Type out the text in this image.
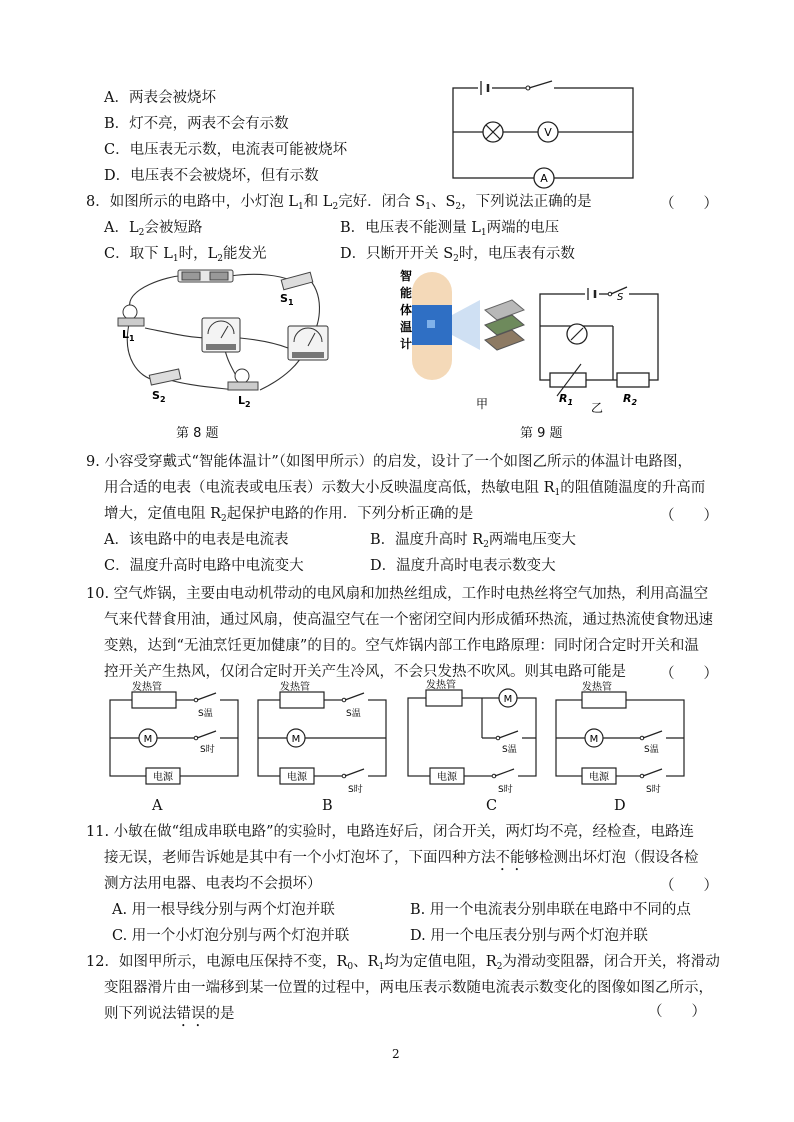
A．两表会被烧坏
B．灯不亮，两表不会有示数
C．电压表无示数，电流表可能被烧坏
D．电压表不会被烧坏，但有示数
V
A
8．如图所示的电路中，小灯泡 $L_1$和 $L_2$完好．闭合 $S_1$、$S_2$，下列说法正确的是	（　　）
A．$L_2$会被短路	B．电压表不能测量 $L_1$两端的电压
C．取下 $L_1$时，$L_2$能发光	D．只断开开关 $S_2$时，电压表有示数
$S_1$
$L_1$
$S_2$	$L_2$
第 8 题
智
能
体
温
计
甲
S
$R_1$	$R_2$
乙
第 9 题
9. 小容受穿戴式“智能体温计”（如图甲所示）的启发，设计了一个如图乙所示的体温计电路图，
用合适的电表（电流表或电压表）示数大小反映温度高低，热敏电阻 $R_1$的阻值随温度的升高而
增大，定值电阻 $R_2$起保护电路的作用．下列分析正确的是	（　　）
A．该电路中的电表是电流表	B．温度升高时 $R_2$两端电压变大
C．温度升高时电路中电流变大	D．温度升高时电表示数变大
10. 空气炸锅，主要由电动机带动的电风扇和加热丝组成，工作时电热丝将空气加热，利用高温空
气来代替食用油，通过风扇，使高温空气在一个密闭空间内形成循环热流，通过热流使食物迅速
变熟，达到“无油烹饪更加健康”的目的。空气炸锅内部工作电路原理：同时闭合定时开关和温
控开关产生热风，仅闭合定时开关产生冷风，不会只发热不吹风。则其电路可能是 （　　）
发热管
S温
M
S时
电源
A
发热管
S温
M
电源
S时
B
发热管
M
S温
电源
S时
C
发热管
M
S温
电源
S时
D
11. 小敏在做“组成串联电路”的实验时，电路连好后，闭合开关，两灯均不亮，经检查，电路连
接无误，老师告诉她是其中有一个小灯泡坏了，下面四种方法不能够检测出坏灯泡（假设各检
测方法用电器、电表均不会损坏）	（　　）
A. 用一根导线分别与两个灯泡并联	B. 用一个电流表分别串联在电路中不同的点
C. 用一个小灯泡分别与两个灯泡并联	D. 用一个电压表分别与两个灯泡并联
12．如图甲所示，电源电压保持不变，$R_0$、$R_1$均为定值电阻，$R_2$为滑动变阻器，闭合开关，将滑动
变阻器滑片由一端移到某一位置的过程中，两电压表示数随电流表示数变化的图像如图乙所示，
则下列说法错误的是	（　　）
2
